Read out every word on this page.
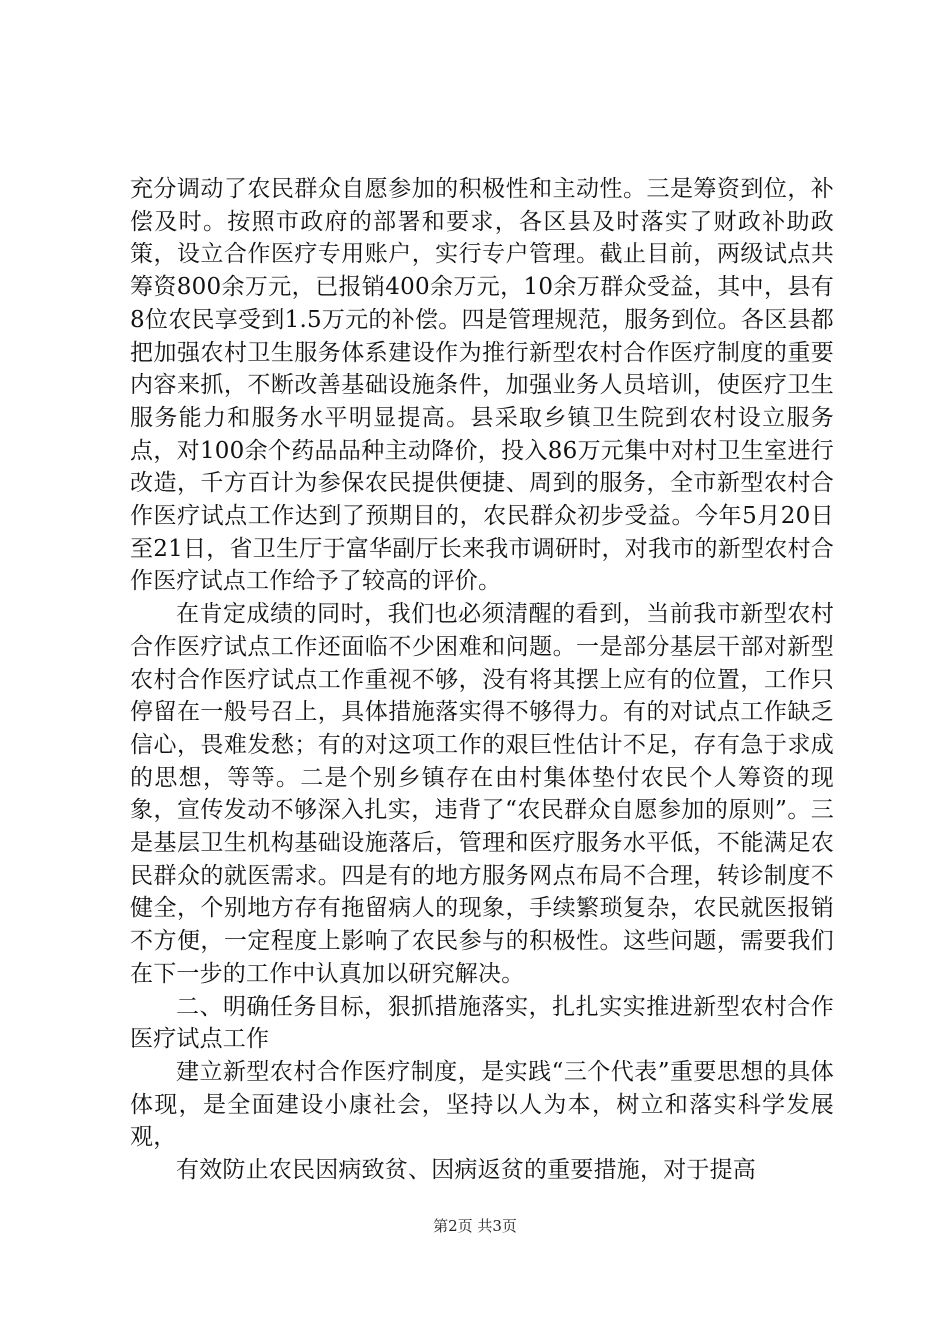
充分调动了农民群众自愿参加的积极性和主动性。三是筹资到位，补偿及时。按照市政府的部署和要求，各区县及时落实了财政补助政策，设立合作医疗专用账户，实行专户管理。截止目前，两级试点共筹资800余万元，已报销400余万元，10余万群众受益，其中，县有8位农民享受到1.5万元的补偿。四是管理规范，服务到位。各区县都把加强农村卫生服务体系建设作为推行新型农村合作医疗制度的重要内容来抓，不断改善基础设施条件，加强业务人员培训，使医疗卫生服务能力和服务水平明显提高。县采取乡镇卫生院到农村设立服务点，对100余个药品品种主动降价，投入86万元集中对村卫生室进行改造，千方百计为参保农民提供便捷、周到的服务，全市新型农村合作医疗试点工作达到了预期目的，农民群众初步受益。今年5月20日至21日，省卫生厅于富华副厅长来我市调研时，对我市的新型农村合作医疗试点工作给予了较高的评价。

在肯定成绩的同时，我们也必须清醒的看到，当前我市新型农村合作医疗试点工作还面临不少困难和问题。一是部分基层干部对新型农村合作医疗试点工作重视不够，没有将其摆上应有的位置，工作只停留在一般号召上，具体措施落实得不够得力。有的对试点工作缺乏信心，畏难发愁；有的对这项工作的艰巨性估计不足，存有急于求成的思想，等等。二是个别乡镇存在由村集体垫付农民个人筹资的现象，宣传发动不够深入扎实，违背了“农民群众自愿参加的原则”。三是基层卫生机构基础设施落后，管理和医疗服务水平低，不能满足农民群众的就医需求。四是有的地方服务网点布局不合理，转诊制度不健全，个别地方存有拖留病人的现象，手续繁琐复杂，农民就医报销不方便，一定程度上影响了农民参与的积极性。这些问题，需要我们在下一步的工作中认真加以研究解决。

二、明确任务目标，狠抓措施落实，扎扎实实推进新型农村合作医疗试点工作

建立新型农村合作医疗制度，是实践“三个代表”重要思想的具体体现，是全面建设小康社会，坚持以人为本，树立和落实科学发展观，

有效防止农民因病致贫、因病返贫的重要措施，对于提高

第2页 共3页
